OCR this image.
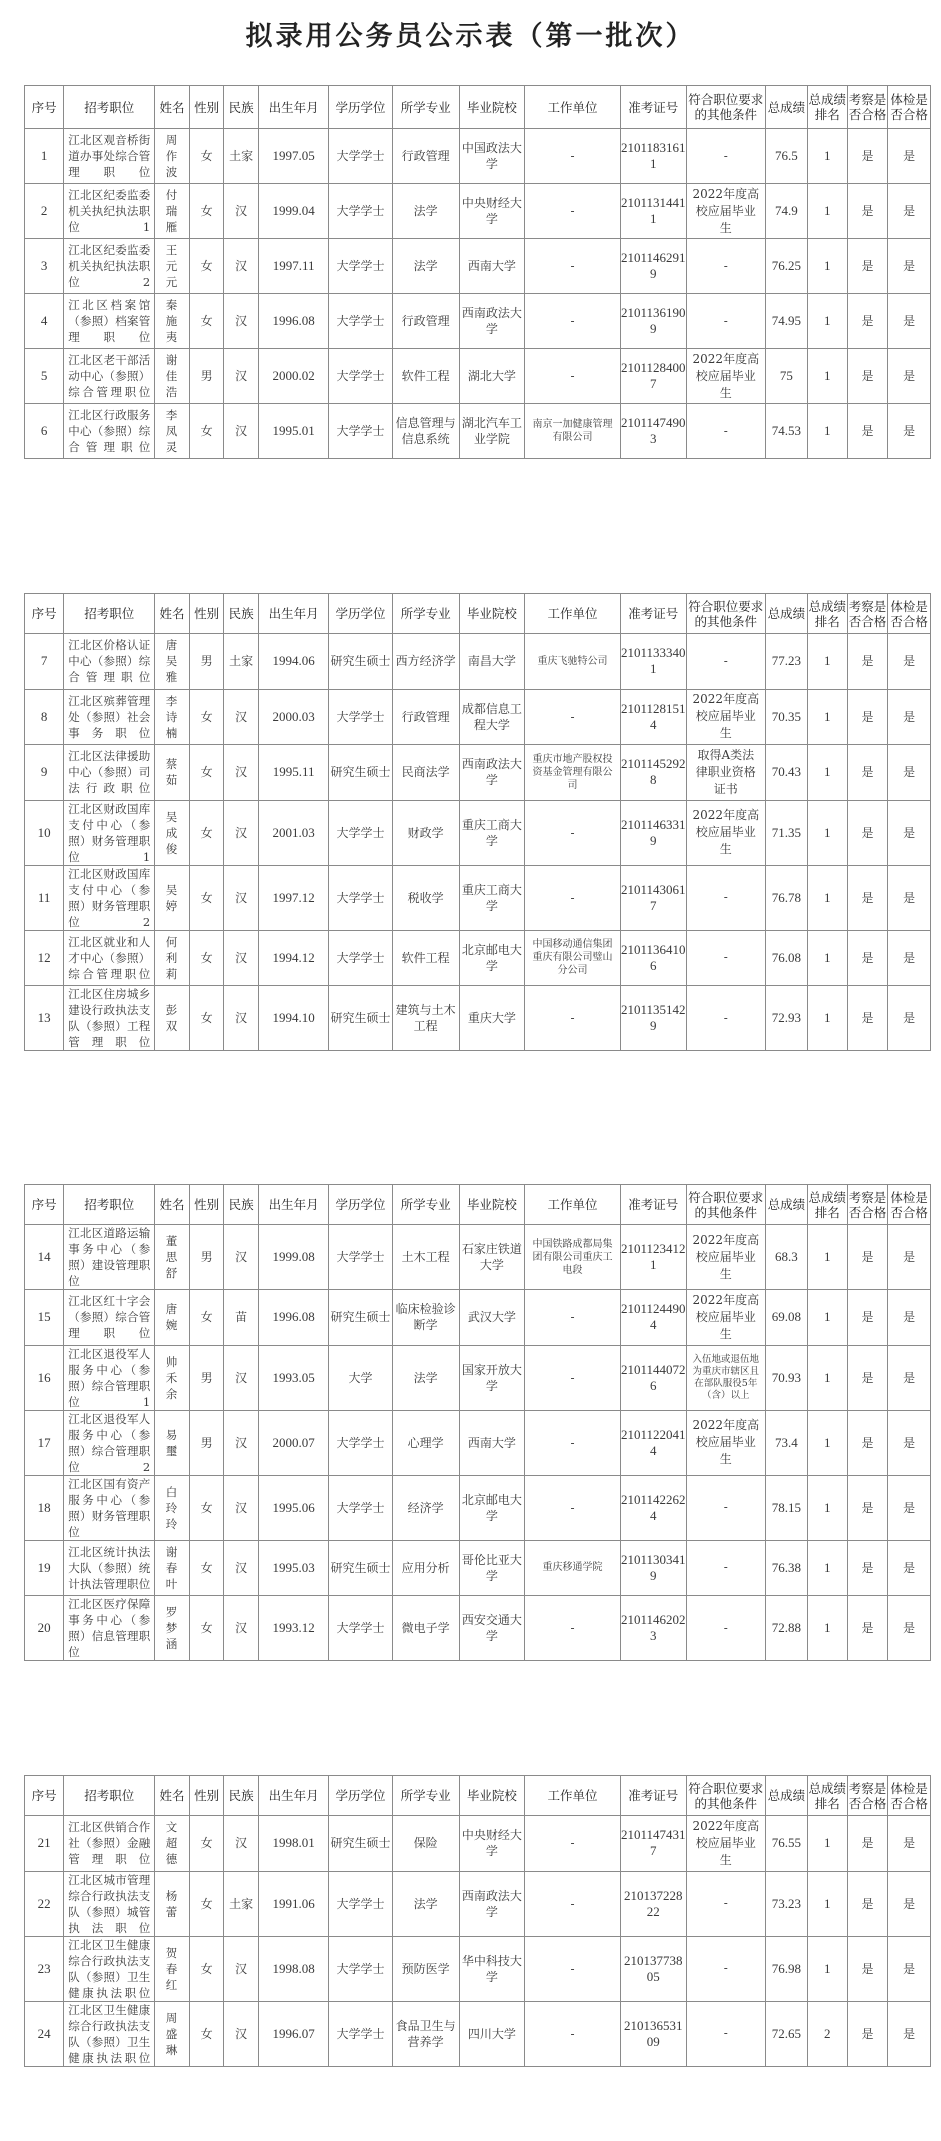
拟录用公务员公示表（第一批次）
序号	招考职位	姓名	性别	民族	出生年月	学历学位	所学专业	毕业院校	工作单位	准考证号	符合职位要求的其他条件	总成绩	总成绩排名	考察是否合格	体检是否合格
1	江北区观音桥街道办事处综合管理职位	周作波	女	土家	1997.05	大学学士	行政管理	中国政法大学	-	21011831611	-	76.5	1	是	是
2	江北区纪委监委机关执纪执法职位1	付瑞雁	女	汉	1999.04	大学学士	法学	中央财经大学	-	21011314411	2022年度高校应届毕业生	74.9	1	是	是
3	江北区纪委监委机关执纪执法职位2	王元元	女	汉	1997.11	大学学士	法学	西南大学	-	21011462919	-	76.25	1	是	是
4	江北区档案馆（参照）档案管理职位	秦施夷	女	汉	1996.08	大学学士	行政管理	西南政法大学	-	21011361909	-	74.95	1	是	是
5	江北区老干部活动中心（参照）综合管理职位	谢佳浩	男	汉	2000.02	大学学士	软件工程	湖北大学	-	21011284007	2022年度高校应届毕业生	75	1	是	是
6	江北区行政服务中心（参照）综合管理职位	李凤灵	女	汉	1995.01	大学学士	信息管理与信息系统	湖北汽车工业学院	南京一加健康管理有限公司	21011474903	-	74.53	1	是	是
序号	招考职位	姓名	性别	民族	出生年月	学历学位	所学专业	毕业院校	工作单位	准考证号	符合职位要求的其他条件	总成绩	总成绩排名	考察是否合格	体检是否合格
7	江北区价格认证中心（参照）综合管理职位	唐吴雅	男	土家	1994.06	研究生硕士	西方经济学	南昌大学	重庆飞驰特公司	21011333401	-	77.23	1	是	是
8	江北区殡葬管理处（参照）社会事务职位	李诗楠	女	汉	2000.03	大学学士	行政管理	成都信息工程大学	-	21011281514	2022年度高校应届毕业生	70.35	1	是	是
9	江北区法律援助中心（参照）司法行政职位	蔡茹	女	汉	1995.11	研究生硕士	民商法学	西南政法大学	重庆市地产股权投资基金管理有限公司	21011452928	取得A类法律职业资格证书	70.43	1	是	是
10	江北区财政国库支付中心（参照）财务管理职位1	吴成俊	女	汉	2001.03	大学学士	财政学	重庆工商大学	-	21011463319	2022年度高校应届毕业生	71.35	1	是	是
11	江北区财政国库支付中心（参照）财务管理职位2	吴婷	女	汉	1997.12	大学学士	税收学	重庆工商大学	-	21011430617	-	76.78	1	是	是
12	江北区就业和人才中心（参照）综合管理职位	何利莉	女	汉	1994.12	大学学士	软件工程	北京邮电大学	中国移动通信集团重庆有限公司璧山分公司	21011364106	-	76.08	1	是	是
13	江北区住房城乡建设行政执法支队（参照）工程管理职位	彭双	女	汉	1994.10	研究生硕士	建筑与土木工程	重庆大学	-	21011351429	-	72.93	1	是	是
序号	招考职位	姓名	性别	民族	出生年月	学历学位	所学专业	毕业院校	工作单位	准考证号	符合职位要求的其他条件	总成绩	总成绩排名	考察是否合格	体检是否合格
14	江北区道路运输事务中心（参照）建设管理职位	董思舒	男	汉	1999.08	大学学士	土木工程	石家庄铁道大学	中国铁路成都局集团有限公司重庆工电段	21011234121	2022年度高校应届毕业生	68.3	1	是	是
15	江北区红十字会（参照）综合管理职位	唐婉	女	苗	1996.08	研究生硕士	临床检验诊断学	武汉大学	-	21011244904	2022年度高校应届毕业生	69.08	1	是	是
16	江北区退役军人服务中心（参照）综合管理职位1	帅禾余	男	汉	1993.05	大学	法学	国家开放大学	-	21011440726	入伍地或退伍地为重庆市辖区且在部队服役5年（含）以上	70.93	1	是	是
17	江北区退役军人服务中心（参照）综合管理职位2	易璽	男	汉	2000.07	大学学士	心理学	西南大学	-	21011220414	2022年度高校应届毕业生	73.4	1	是	是
18	江北区国有资产服务中心（参照）财务管理职位	白玲玲	女	汉	1995.06	大学学士	经济学	北京邮电大学	-	21011422624	-	78.15	1	是	是
19	江北区统计执法大队（参照）统计执法管理职位	谢春叶	女	汉	1995.03	研究生硕士	应用分析	哥伦比亚大学	重庆移通学院	21011303419	-	76.38	1	是	是
20	江北区医疗保障事务中心（参照）信息管理职位	罗梦涵	女	汉	1993.12	大学学士	微电子学	西安交通大学	-	21011462023	-	72.88	1	是	是
序号	招考职位	姓名	性别	民族	出生年月	学历学位	所学专业	毕业院校	工作单位	准考证号	符合职位要求的其他条件	总成绩	总成绩排名	考察是否合格	体检是否合格
21	江北区供销合作社（参照）金融管理职位	文超德	女	汉	1998.01	研究生硕士	保险	中央财经大学	-	21011474317	2022年度高校应届毕业生	76.55	1	是	是
22	江北区城市管理综合行政执法支队（参照）城管执法职位	杨蕾	女	土家	1991.06	大学学士	法学	西南政法大学	-	21013722822	-	73.23	1	是	是
23	江北区卫生健康综合行政执法支队（参照）卫生健康执法职位	贺春红	女	汉	1998.08	大学学士	预防医学	华中科技大学	-	21013773805	-	76.98	1	是	是
24	江北区卫生健康综合行政执法支队（参照）卫生健康执法职位	周盛琳	女	汉	1996.07	大学学士	食品卫生与营养学	四川大学	-	21013653109	-	72.65	2	是	是
